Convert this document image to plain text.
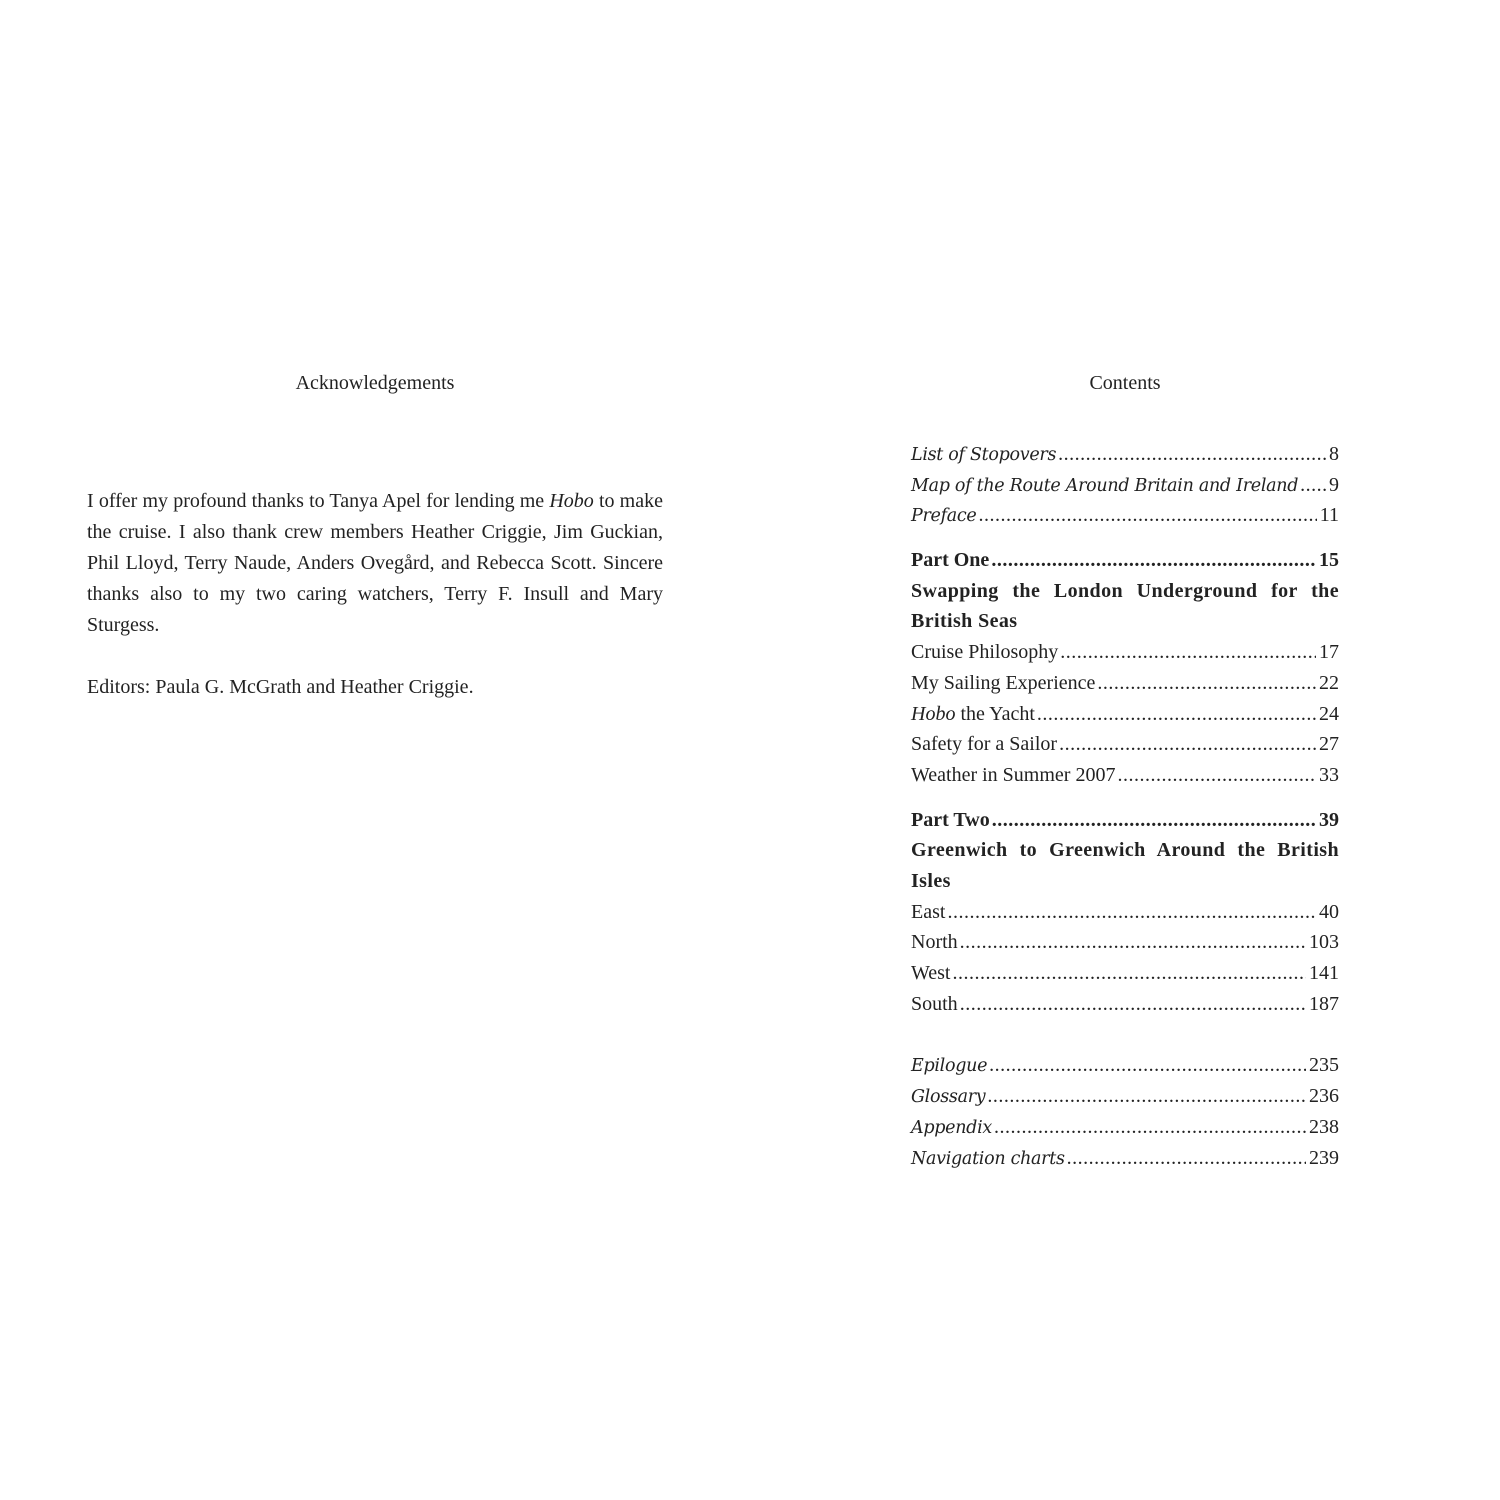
Acknowledgements

I offer my profound thanks to Tanya Apel for lending me Hobo to make the cruise. I also thank crew members Heather Criggie, Jim Guckian, Phil Lloyd, Terry Naude, Anders Ovegård, and Rebecca Scott. Sincere thanks also to my two caring watchers, Terry F. Insull and Mary Sturgess.

Editors: Paula G. McGrath and Heather Criggie.

Contents
List of Stopovers .....	8
Map of the Route Around Britain and Ireland ..... 9
Preface .....	11
Part One .....	15

Swapping the London Underground for the British Seas

Cruise Philosophy .....	17
My Sailing Experience .....	22
Hobo the Yacht .....	24
Safety for a Sailor .....	27
Weather in Summer 2007 .....	33
Part Two .....	39

Greenwich to Greenwich Around the British Isles

East .....	40
North .....	103
West .....	141
South .....	187
Epilogue .....	235
Glossary .....	236
Appendix .....	238
Navigation charts .....	239
